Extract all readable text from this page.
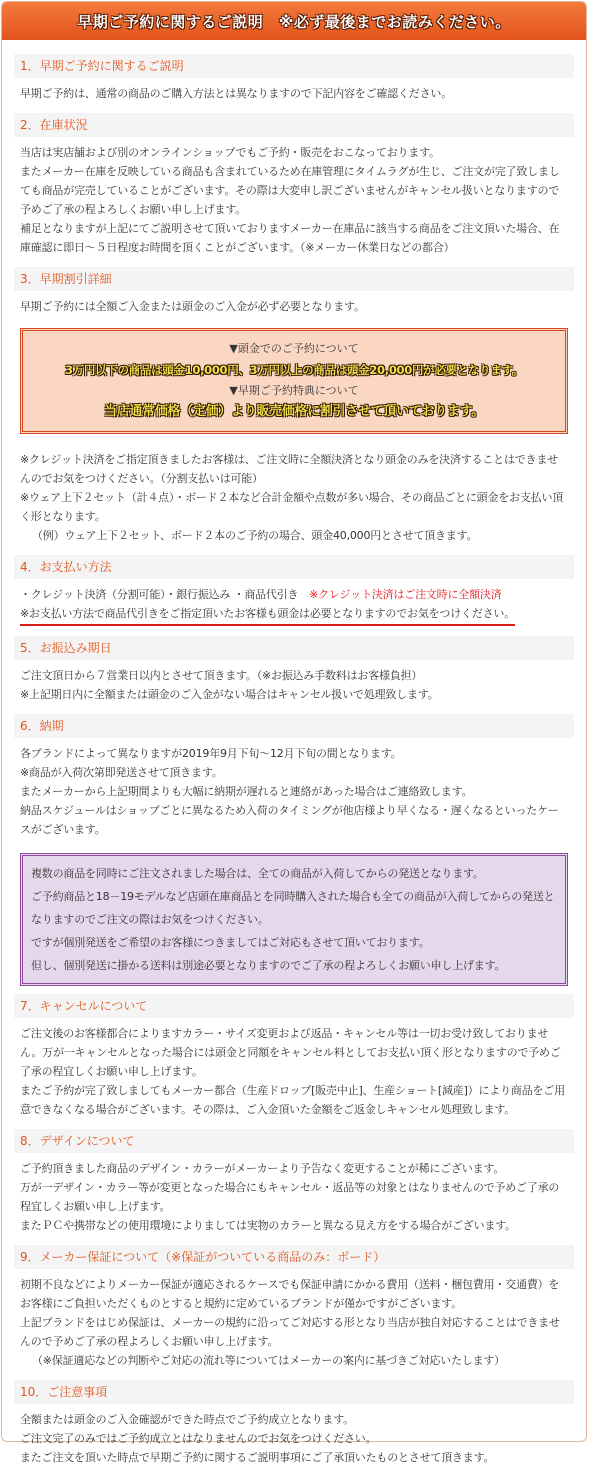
早期ご予約に関するご説明　※必ず最後までお読みください。
1．早期ご予約に関するご説明

早期ご予約は、通常の商品のご購入方法とは異なりますので下記内容をご確認ください。

2．在庫状況

当店は実店舗および別のオンラインショップでもご予約・販売をおこなっております。

またメーカー在庫を反映している商品も含まれているため在庫管理にタイムラグが生じ、ご注文が完了致しましても商品が完売していることがございます。その際は大変申し訳ございませんがキャンセル扱いとなりますので予めご了承の程よろしくお願い申し上げます。

補足となりますが上記にてご説明させて頂いておりますメーカー在庫品に該当する商品をご注文頂いた場合、在庫確認に即日～５日程度お時間を頂くことがございます。（※メーカー休業日などの都合）

3．早期割引詳細

早期ご予約には全額ご入金または頭金のご入金が必ず必要となります。

▼頭金でのご予約について
3万円以下の商品は頭金10,000円、3万円以上の商品は頭金20,000円が必要となります。
▼早期ご予約特典について
当店通常価格（定価）より販売価格に割引させて頂いております。

※クレジット決済をご指定頂きましたお客様は、ご注文時に全額決済となり頭金のみを決済することはできませんのでお気をつけください。（分割支払いは可能）

※ウェア上下２セット（計４点）・ボード２本など合計金額や点数が多い場合、その商品ごとに頭金をお支払い頂く形となります。

（例）ウェア上下２セット、ボード２本のご予約の場合、頭金40,000円とさせて頂きます。

4．お支払い方法

・クレジット決済（分割可能）・銀行振込み ・商品代引き　 ※クレジット決済はご注文時に全額決済

※お支払い方法で商品代引きをご指定頂いたお客様も頭金は必要となりますのでお気をつけください。

5．お振込み期日

ご注文頂日から７営業日以内とさせて頂きます。（※お振込み手数料はお客様負担）

※上記期日内に全額または頭金のご入金がない場合はキャンセル扱いで処理致します。

6．納期

各ブランドによって異なりますが2019年9月下旬～12月下旬の間となります。

※商品が入荷次第即発送させて頂きます。

またメーカーから上記期間よりも大幅に納期が遅れると連絡があった場合はご連絡致します。

納品スケジュールはショップごとに異なるため入荷のタイミングが他店様より早くなる・遅くなるといったケースがございます。

複数の商品を同時にご注文されました場合は、全ての商品が入荷してからの発送となります。

ご予約商品と18－19モデルなど店頭在庫商品とを同時購入された場合も全ての商品が入荷してからの発送となりますのでご注文の際はお気をつけください。

ですが個別発送をご希望のお客様につきましてはご対応もさせて頂いております。

但し、個別発送に掛かる送料は別途必要となりますのでご了承の程よろしくお願い申し上げます。

7．キャンセルについて

ご注文後のお客様都合によりますカラー・サイズ変更および返品・キャンセル等は一切お受け致しておりません。万が一キャンセルとなった場合には頭金と同額をキャンセル料としてお支払い頂く形となりますので予めご了承の程宜しくお願い申し上げます。

またご予約が完了致しましてもメーカー都合（生産ドロップ[販売中止]、生産ショート[減産]）により商品をご用意できなくなる場合がございます。その際は、ご入金頂いた金額をご返金しキャンセル処理致します。

8．デザインについて

ご予約頂きました商品のデザイン・カラーがメーカーより予告なく変更することが稀にございます。

万が一デザイン・カラー等が変更となった場合にもキャンセル・返品等の対象とはなりませんので予めご了承の程宜しくお願い申し上げます。

またＰＣや携帯などの使用環境によりましては実物のカラーと異なる見え方をする場合がございます。

9．メーカー保証について（※保証がついている商品のみ：ボード）

初期不良などによりメーカー保証が適応されるケースでも保証申請にかかる費用（送料・梱包費用・交通費）をお客様にご負担いただくものとすると規約に定めているブランドが僅かですがございます。

上記ブランドをはじめ保証は、メーカーの規約に沿ってご対応する形となり当店が独自対応することはできませんので予めご了承の程よろしくお願い申し上げます。

（※保証適応などの判断やご対応の流れ等についてはメーカーの案内に基づきご対応いたします）

10．ご注意事項

全額または頭金のご入金確認ができた時点でご予約成立となります。

ご注文完了のみではご予約成立とはなりませんのでお気をつけください。

またご注文を頂いた時点で早期ご予約に関するご説明事項にご了承頂いたものとさせて頂きます。
